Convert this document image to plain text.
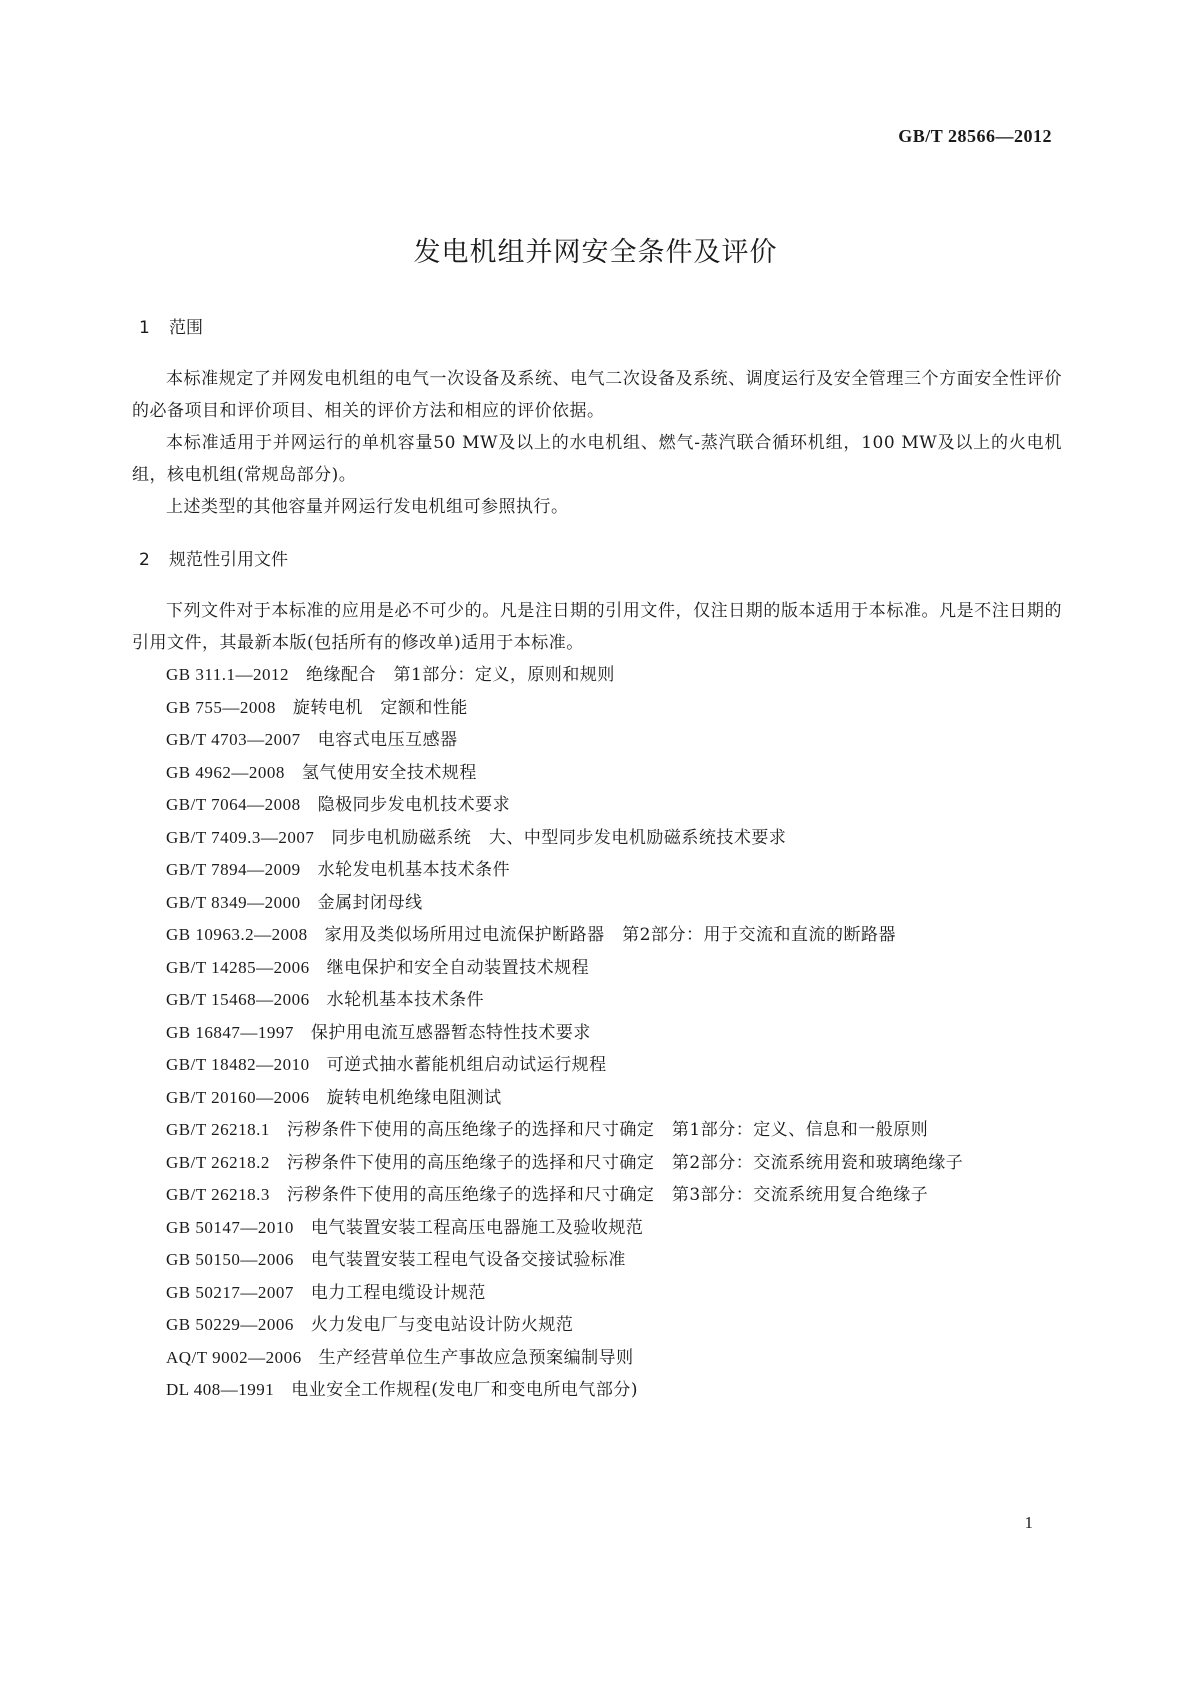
GB/T 28566—2012
发电机组并网安全条件及评价
1 范围

本标准规定了并网发电机组的电气一次设备及系统、电气二次设备及系统、调度运行及安全管理三个方面安全性评价的必备项目和评价项目、相关的评价方法和相应的评价依据。

本标准适用于并网运行的单机容量50 MW及以上的水电机组、燃气-蒸汽联合循环机组，100 MW及以上的火电机组，核电机组(常规岛部分)。

上述类型的其他容量并网运行发电机组可参照执行。

2 规范性引用文件

下列文件对于本标准的应用是必不可少的。凡是注日期的引用文件，仅注日期的版本适用于本标准。凡是不注日期的引用文件，其最新本版(包括所有的修改单)适用于本标准。

GB 311.1—2012 绝缘配合　第1部分：定义，原则和规则
GB 755—2008 旋转电机　定额和性能
GB/T 4703—2007 电容式电压互感器
GB 4962—2008 氢气使用安全技术规程
GB/T 7064—2008 隐极同步发电机技术要求
GB/T 7409.3—2007 同步电机励磁系统　大、中型同步发电机励磁系统技术要求
GB/T 7894—2009 水轮发电机基本技术条件
GB/T 8349—2000 金属封闭母线
GB 10963.2—2008 家用及类似场所用过电流保护断路器　第2部分：用于交流和直流的断路器
GB/T 14285—2006 继电保护和安全自动装置技术规程
GB/T 15468—2006 水轮机基本技术条件
GB 16847—1997 保护用电流互感器暂态特性技术要求
GB/T 18482—2010 可逆式抽水蓄能机组启动试运行规程
GB/T 20160—2006 旋转电机绝缘电阻测试
GB/T 26218.1 污秽条件下使用的高压绝缘子的选择和尺寸确定　第1部分：定义、信息和一般原则
GB/T 26218.2 污秽条件下使用的高压绝缘子的选择和尺寸确定　第2部分：交流系统用瓷和玻璃绝缘子
GB/T 26218.3 污秽条件下使用的高压绝缘子的选择和尺寸确定　第3部分：交流系统用复合绝缘子
GB 50147—2010 电气装置安装工程高压电器施工及验收规范
GB 50150—2006 电气装置安装工程电气设备交接试验标准
GB 50217—2007 电力工程电缆设计规范
GB 50229—2006 火力发电厂与变电站设计防火规范
AQ/T 9002—2006 生产经营单位生产事故应急预案编制导则
DL 408—1991 电业安全工作规程(发电厂和变电所电气部分)
1
